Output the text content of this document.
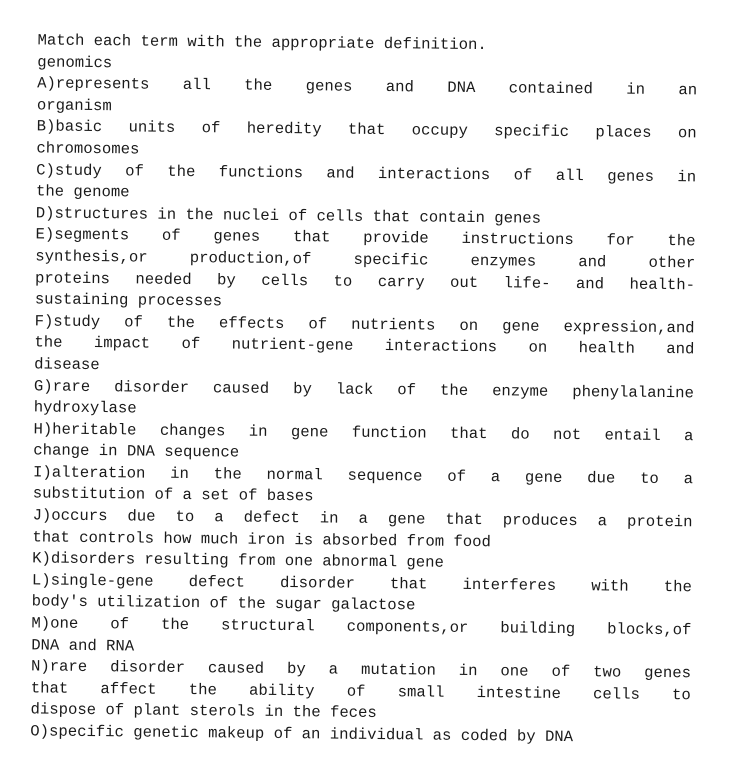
Match each term with the appropriate definition.
genomics
A)represents all the genes and DNA contained in an
organism
B)basic units of heredity that occupy specific places on
chromosomes
C)study of the functions and interactions of all genes in
the genome
D)structures in the nuclei of cells that contain genes
E)segments of genes that provide instructions for the
synthesis,or production,of specific enzymes and other
proteins needed by cells to carry out life- and health-
sustaining processes
F)study of the effects of nutrients on gene expression,and
the impact of nutrient-gene interactions on health and
disease
G)rare disorder caused by lack of the enzyme phenylalanine
hydroxylase
H)heritable changes in gene function that do not entail a
change in DNA sequence
I)alteration in the normal sequence of a gene due to a
substitution of a set of bases
J)occurs due to a defect in a gene that produces a protein
that controls how much iron is absorbed from food
K)disorders resulting from one abnormal gene
L)single-gene defect disorder that interferes with the
body's utilization of the sugar galactose
M)one of the structural components,or building blocks,of
DNA and RNA
N)rare disorder caused by a mutation in one of two genes
that affect the ability of small intestine cells to
dispose of plant sterols in the feces
O)specific genetic makeup of an individual as coded by DNA
